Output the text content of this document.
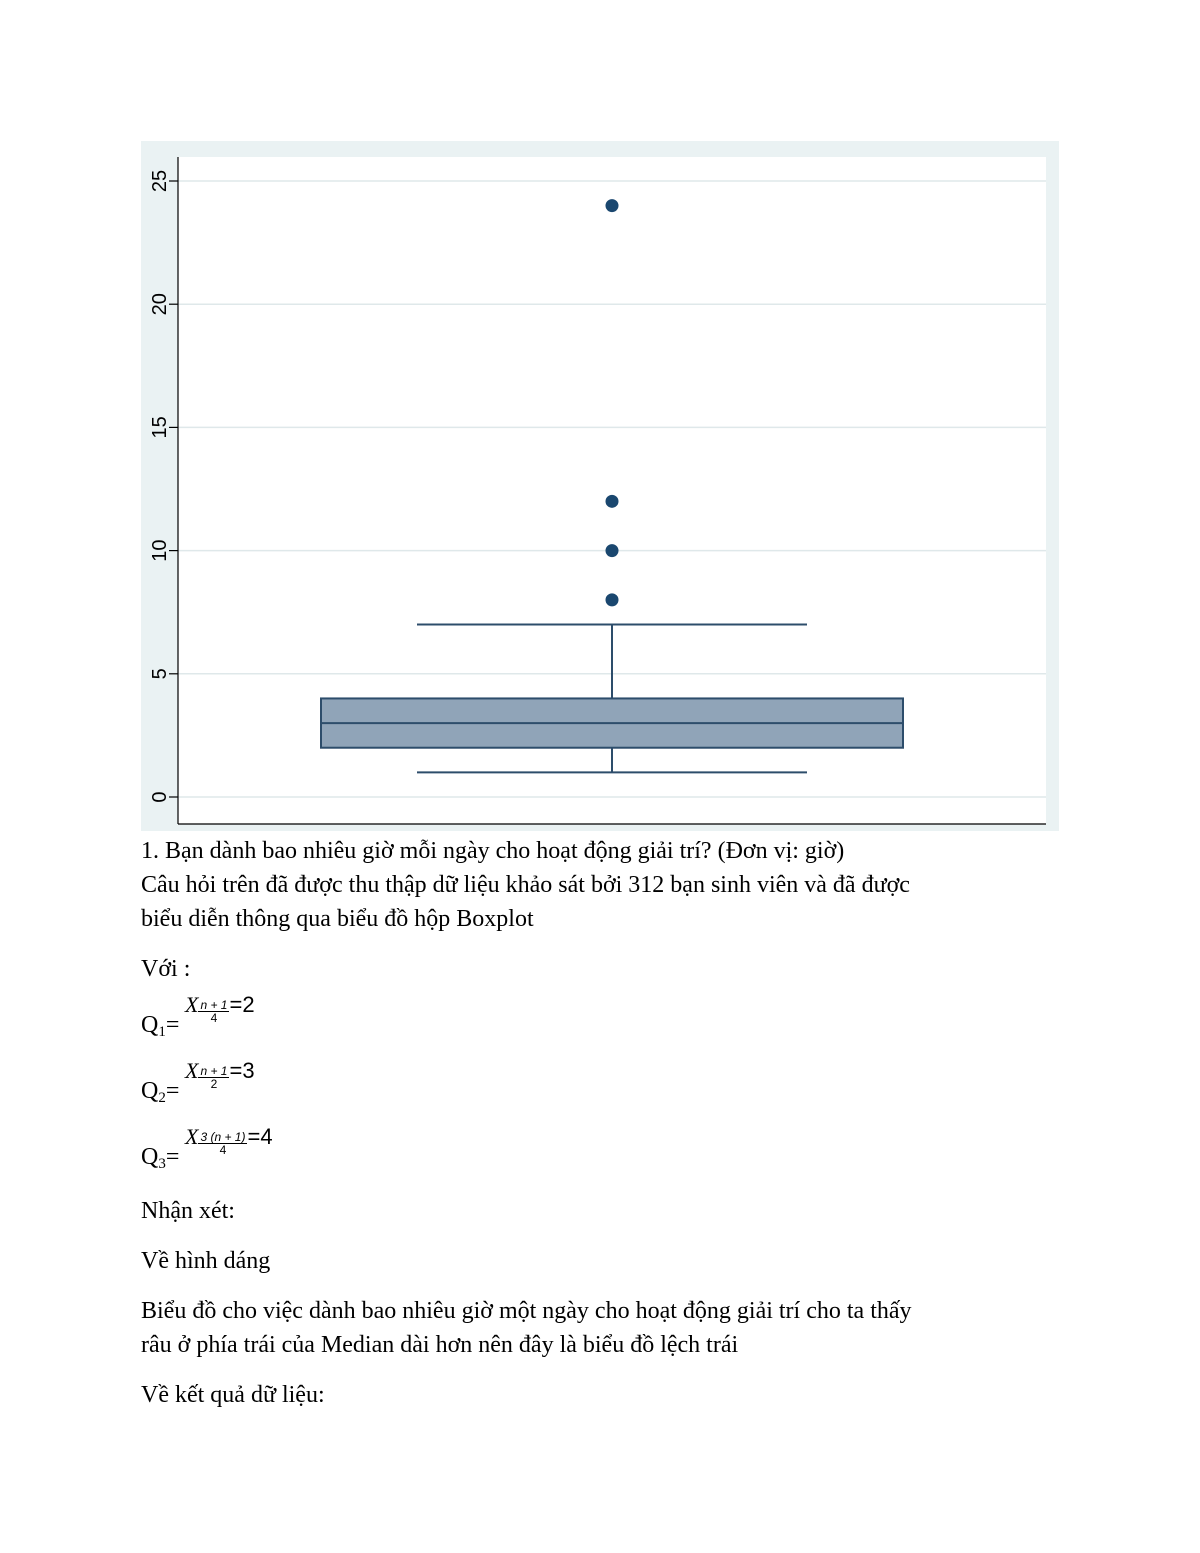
0
5
10
15
20
25

1. Bạn dành bao nhiêu giờ mỗi ngày cho hoạt động giải trí? (Đơn vị: giờ)

Câu hỏi trên đã được thu thập dữ liệu khảo sát bởi 312 bạn sinh viên và đã được

biểu diễn thông qua biểu đồ hộp Boxplot

Với :

$Q_1=$
X $\frac{n + 1}{4} =2$
$Q_2=$
X $\frac{n + 1}{2} =3$
$Q_3=$
X $\frac{3 (n + 1)}{4} =4$

Nhận xét:

Về hình dáng

Biểu đồ cho việc dành bao nhiêu giờ một ngày cho hoạt động giải trí cho ta thấy

râu ở phía trái của Median dài hơn nên đây là biểu đồ lệch trái

Về kết quả dữ liệu:
